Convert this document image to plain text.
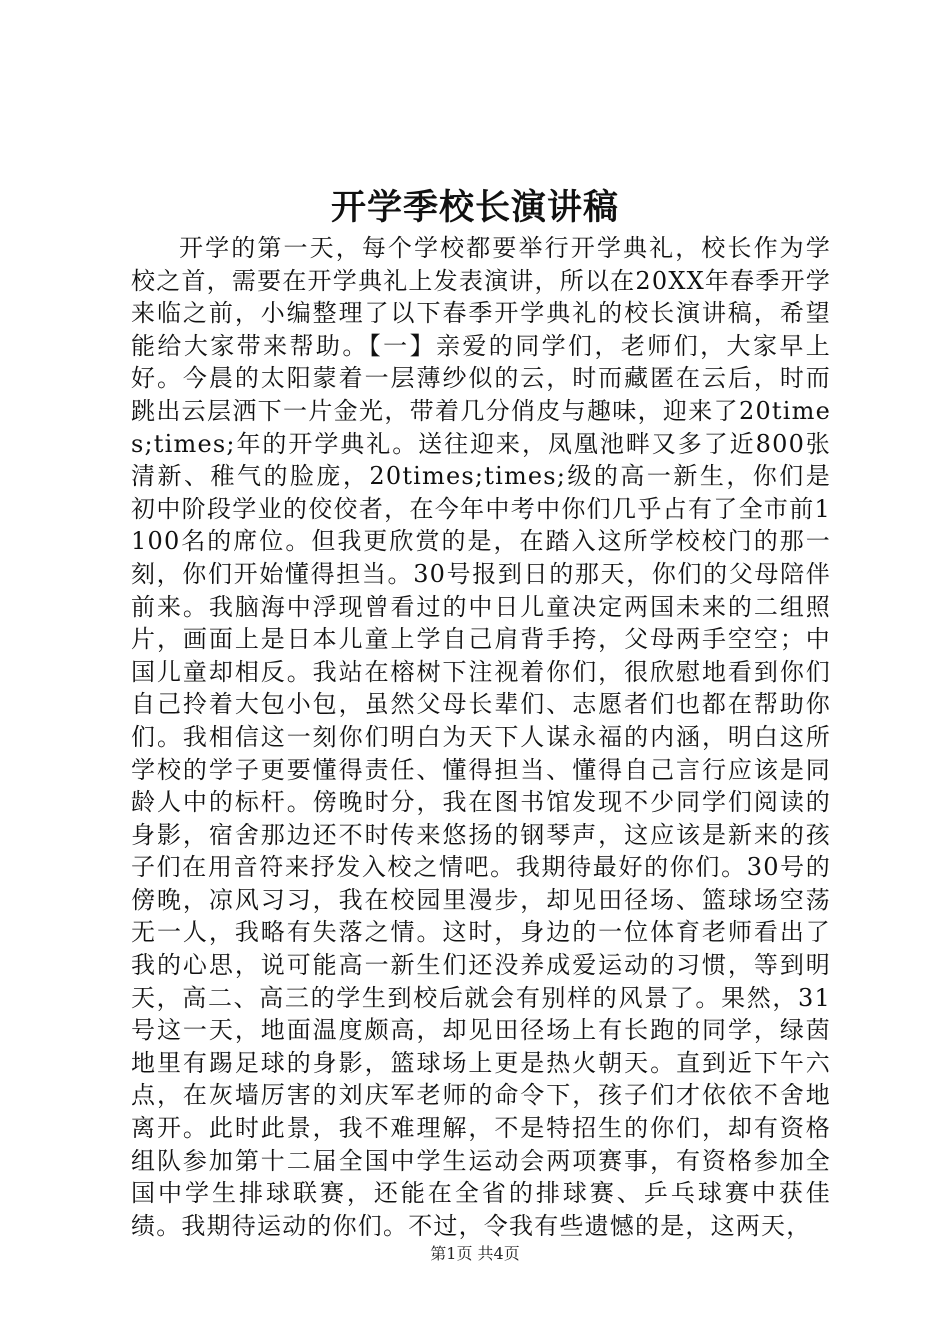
开学季校长演讲稿

开学的第一天，每个学校都要举行开学典礼，校长作为学校之首，需要在开学典礼上发表演讲，所以在20XX年春季开学来临之前，小编整理了以下春季开学典礼的校长演讲稿，希望能给大家带来帮助。【一】亲爱的同学们，老师们，大家早上好。今晨的太阳蒙着一层薄纱似的云，时而藏匿在云后，时而跳出云层洒下一片金光，带着几分俏皮与趣味，迎来了20times;times;年的开学典礼。送往迎来，凤凰池畔又多了近800张清新、稚气的脸庞，20times;times;级的高一新生，你们是初中阶段学业的佼佼者，在今年中考中你们几乎占有了全市前1100名的席位。但我更欣赏的是，在踏入这所学校校门的那一刻，你们开始懂得担当。30号报到日的那天，你们的父母陪伴前来。我脑海中浮现曾看过的中日儿童决定两国未来的二组照片，画面上是日本儿童上学自己肩背手挎，父母两手空空；中国儿童却相反。我站在榕树下注视着你们，很欣慰地看到你们自己拎着大包小包，虽然父母长辈们、志愿者们也都在帮助你们。我相信这一刻你们明白为天下人谋永福的内涵，明白这所学校的学子更要懂得责任、懂得担当、懂得自己言行应该是同龄人中的标杆。傍晚时分，我在图书馆发现不少同学们阅读的身影，宿舍那边还不时传来悠扬的钢琴声，这应该是新来的孩子们在用音符来抒发入校之情吧。我期待最好的你们。30号的傍晚，凉风习习，我在校园里漫步，却见田径场、篮球场空荡无一人，我略有失落之情。这时，身边的一位体育老师看出了我的心思，说可能高一新生们还没养成爱运动的习惯，等到明天，高二、高三的学生到校后就会有别样的风景了。果然，31号这一天，地面温度颇高，却见田径场上有长跑的同学，绿茵地里有踢足球的身影，篮球场上更是热火朝天。直到近下午六点，在灰墙厉害的刘庆军老师的命令下，孩子们才依依不舍地离开。此时此景，我不难理解，不是特招生的你们，却有资格组队参加第十二届全国中学生运动会两项赛事，有资格参加全国中学生排球联赛，还能在全省的排球赛、乒乓球赛中获佳绩。我期待运动的你们。不过，令我有些遗憾的是，这两天，

第1页 共4页
